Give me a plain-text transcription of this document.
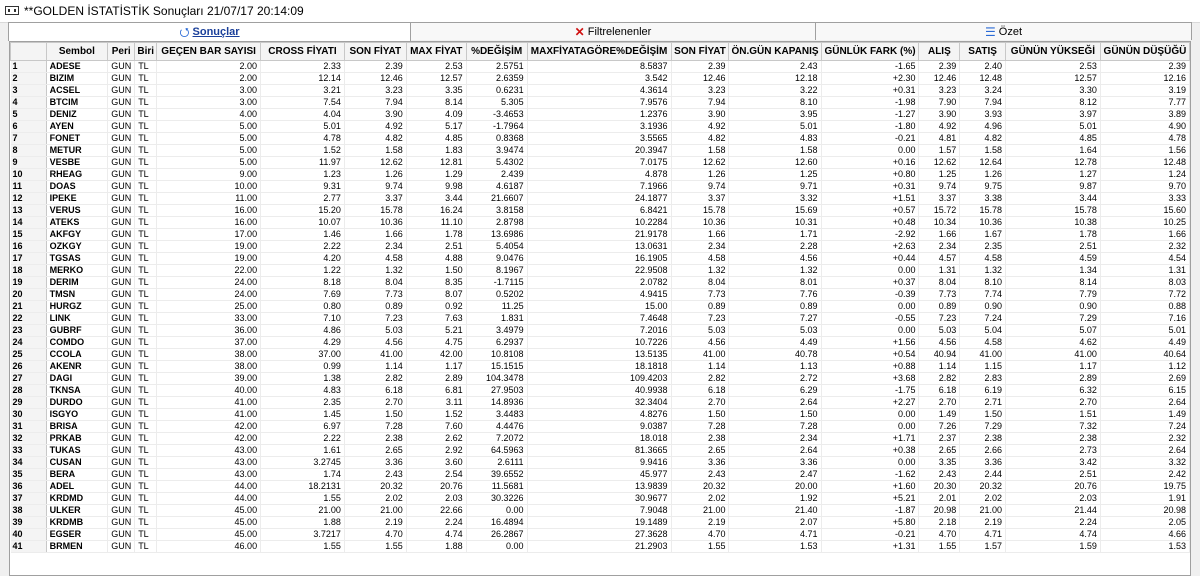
**GOLDEN İSTATİSTİK Sonuçları 21/07/17 20:14:09
⭯ Sonuçlar	✕ Filtrelenenler	☰ Özet
	Sembol	Peri	Biri	GEÇEN BAR SAYISI	CROSS FİYATI	SON FİYAT	MAX FİYAT	%DEĞİŞİM	MAXFİYATAGÖRE%DEĞİŞİM	SON FİYAT	ÖN.GÜN KAPANIŞ	GÜNLÜK FARK (%)	ALIŞ	SATIŞ	GÜNÜN YÜKSEĞİ	GÜNÜN DÜŞÜĞÜ
1	ADESE	GUN	TL	2.00	2.33	2.39	2.53	2.5751	8.5837	2.39	2.43	-1.65	2.39	2.40	2.53	2.39
2	BIZIM	GUN	TL	2.00	12.14	12.46	12.57	2.6359	3.542	12.46	12.18	+2.30	12.46	12.48	12.57	12.16
3	ACSEL	GUN	TL	3.00	3.21	3.23	3.35	0.6231	4.3614	3.23	3.22	+0.31	3.23	3.24	3.30	3.19
4	BTCIM	GUN	TL	3.00	7.54	7.94	8.14	5.305	7.9576	7.94	8.10	-1.98	7.90	7.94	8.12	7.77
5	DENIZ	GUN	TL	4.00	4.04	3.90	4.09	-3.4653	1.2376	3.90	3.95	-1.27	3.90	3.93	3.97	3.89
6	AYEN	GUN	TL	5.00	5.01	4.92	5.17	-1.7964	3.1936	4.92	5.01	-1.80	4.92	4.96	5.01	4.90
7	FONET	GUN	TL	5.00	4.78	4.82	4.85	0.8368	3.5565	4.82	4.83	-0.21	4.81	4.82	4.85	4.78
8	METUR	GUN	TL	5.00	1.52	1.58	1.83	3.9474	20.3947	1.58	1.58	0.00	1.57	1.58	1.64	1.56
9	VESBE	GUN	TL	5.00	11.97	12.62	12.81	5.4302	7.0175	12.62	12.60	+0.16	12.62	12.64	12.78	12.48
10	RHEAG	GUN	TL	9.00	1.23	1.26	1.29	2.439	4.878	1.26	1.25	+0.80	1.25	1.26	1.27	1.24
11	DOAS	GUN	TL	10.00	9.31	9.74	9.98	4.6187	7.1966	9.74	9.71	+0.31	9.74	9.75	9.87	9.70
12	IPEKE	GUN	TL	11.00	2.77	3.37	3.44	21.6607	24.1877	3.37	3.32	+1.51	3.37	3.38	3.44	3.33
13	VERUS	GUN	TL	16.00	15.20	15.78	16.24	3.8158	6.8421	15.78	15.69	+0.57	15.72	15.78	15.78	15.60
14	ATEKS	GUN	TL	16.00	10.07	10.36	11.10	2.8798	10.2284	10.36	10.31	+0.48	10.34	10.36	10.38	10.25
15	AKFGY	GUN	TL	17.00	1.46	1.66	1.78	13.6986	21.9178	1.66	1.71	-2.92	1.66	1.67	1.78	1.66
16	OZKGY	GUN	TL	19.00	2.22	2.34	2.51	5.4054	13.0631	2.34	2.28	+2.63	2.34	2.35	2.51	2.32
17	TGSAS	GUN	TL	19.00	4.20	4.58	4.88	9.0476	16.1905	4.58	4.56	+0.44	4.57	4.58	4.59	4.54
18	MERKO	GUN	TL	22.00	1.22	1.32	1.50	8.1967	22.9508	1.32	1.32	0.00	1.31	1.32	1.34	1.31
19	DERIM	GUN	TL	24.00	8.18	8.04	8.35	-1.7115	2.0782	8.04	8.01	+0.37	8.04	8.10	8.14	8.03
20	TMSN	GUN	TL	24.00	7.69	7.73	8.07	0.5202	4.9415	7.73	7.76	-0.39	7.73	7.74	7.79	7.72
21	HURGZ	GUN	TL	25.00	0.80	0.89	0.92	11.25	15.00	0.89	0.89	0.00	0.89	0.90	0.90	0.88
22	LINK	GUN	TL	33.00	7.10	7.23	7.63	1.831	7.4648	7.23	7.27	-0.55	7.23	7.24	7.29	7.16
23	GUBRF	GUN	TL	36.00	4.86	5.03	5.21	3.4979	7.2016	5.03	5.03	0.00	5.03	5.04	5.07	5.01
24	COMDO	GUN	TL	37.00	4.29	4.56	4.75	6.2937	10.7226	4.56	4.49	+1.56	4.56	4.58	4.62	4.49
25	CCOLA	GUN	TL	38.00	37.00	41.00	42.00	10.8108	13.5135	41.00	40.78	+0.54	40.94	41.00	41.00	40.64
26	AKENR	GUN	TL	38.00	0.99	1.14	1.17	15.1515	18.1818	1.14	1.13	+0.88	1.14	1.15	1.17	1.12
27	DAGI	GUN	TL	39.00	1.38	2.82	2.89	104.3478	109.4203	2.82	2.72	+3.68	2.82	2.83	2.89	2.69
28	TKNSA	GUN	TL	40.00	4.83	6.18	6.81	27.9503	40.9938	6.18	6.29	-1.75	6.18	6.19	6.32	6.15
29	DURDO	GUN	TL	41.00	2.35	2.70	3.11	14.8936	32.3404	2.70	2.64	+2.27	2.70	2.71	2.70	2.64
30	ISGYO	GUN	TL	41.00	1.45	1.50	1.52	3.4483	4.8276	1.50	1.50	0.00	1.49	1.50	1.51	1.49
31	BRISA	GUN	TL	42.00	6.97	7.28	7.60	4.4476	9.0387	7.28	7.28	0.00	7.26	7.29	7.32	7.24
32	PRKAB	GUN	TL	42.00	2.22	2.38	2.62	7.2072	18.018	2.38	2.34	+1.71	2.37	2.38	2.38	2.32
33	TUKAS	GUN	TL	43.00	1.61	2.65	2.92	64.5963	81.3665	2.65	2.64	+0.38	2.65	2.66	2.73	2.64
34	CUSAN	GUN	TL	43.00	3.2745	3.36	3.60	2.6111	9.9416	3.36	3.36	0.00	3.35	3.36	3.42	3.32
35	BERA	GUN	TL	43.00	1.74	2.43	2.54	39.6552	45.977	2.43	2.47	-1.62	2.43	2.44	2.51	2.42
36	ADEL	GUN	TL	44.00	18.2131	20.32	20.76	11.5681	13.9839	20.32	20.00	+1.60	20.30	20.32	20.76	19.75
37	KRDMD	GUN	TL	44.00	1.55	2.02	2.03	30.3226	30.9677	2.02	1.92	+5.21	2.01	2.02	2.03	1.91
38	ULKER	GUN	TL	45.00	21.00	21.00	22.66	0.00	7.9048	21.00	21.40	-1.87	20.98	21.00	21.44	20.98
39	KRDMB	GUN	TL	45.00	1.88	2.19	2.24	16.4894	19.1489	2.19	2.07	+5.80	2.18	2.19	2.24	2.05
40	EGSER	GUN	TL	45.00	3.7217	4.70	4.74	26.2867	27.3628	4.70	4.71	-0.21	4.70	4.71	4.74	4.66
41	BRMEN	GUN	TL	46.00	1.55	1.55	1.88	0.00	21.2903	1.55	1.53	+1.31	1.55	1.57	1.59	1.53
